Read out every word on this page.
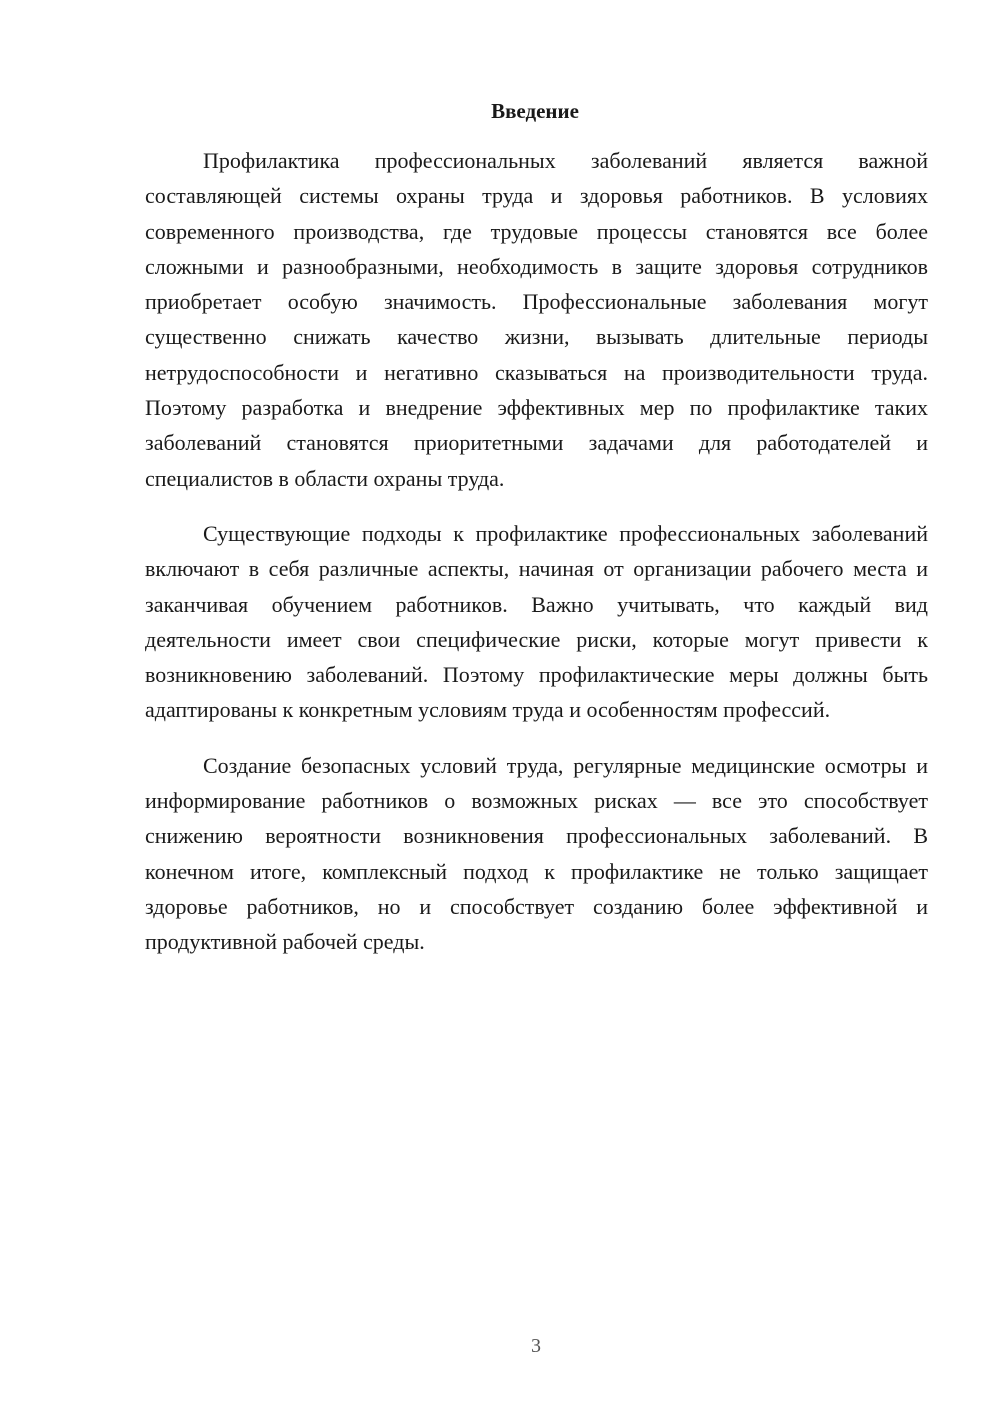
Введение

Профилактика профессиональных заболеваний является важной составляющей системы охраны труда и здоровья работников. В условиях современного производства, где трудовые процессы становятся все более сложными и разнообразными, необходимость в защите здоровья сотрудников приобретает особую значимость. Профессиональные заболевания могут существенно снижать качество жизни, вызывать длительные периоды нетрудоспособности и негативно сказываться на производительности труда. Поэтому разработка и внедрение эффективных мер по профилактике таких заболеваний становятся приоритетными задачами для работодателей и специалистов в области охраны труда.

Существующие подходы к профилактике профессиональных заболеваний включают в себя различные аспекты, начиная от организации рабочего места и заканчивая обучением работников. Важно учитывать, что каждый вид деятельности имеет свои специфические риски, которые могут привести к возникновению заболеваний. Поэтому профилактические меры должны быть адаптированы к конкретным условиям труда и особенностям профессий.

Создание безопасных условий труда, регулярные медицинские осмотры и информирование работников о возможных рисках — все это способствует снижению вероятности возникновения профессиональных заболеваний. В конечном итоге, комплексный подход к профилактике не только защищает здоровье работников, но и способствует созданию более эффективной и продуктивной рабочей среды.

3
